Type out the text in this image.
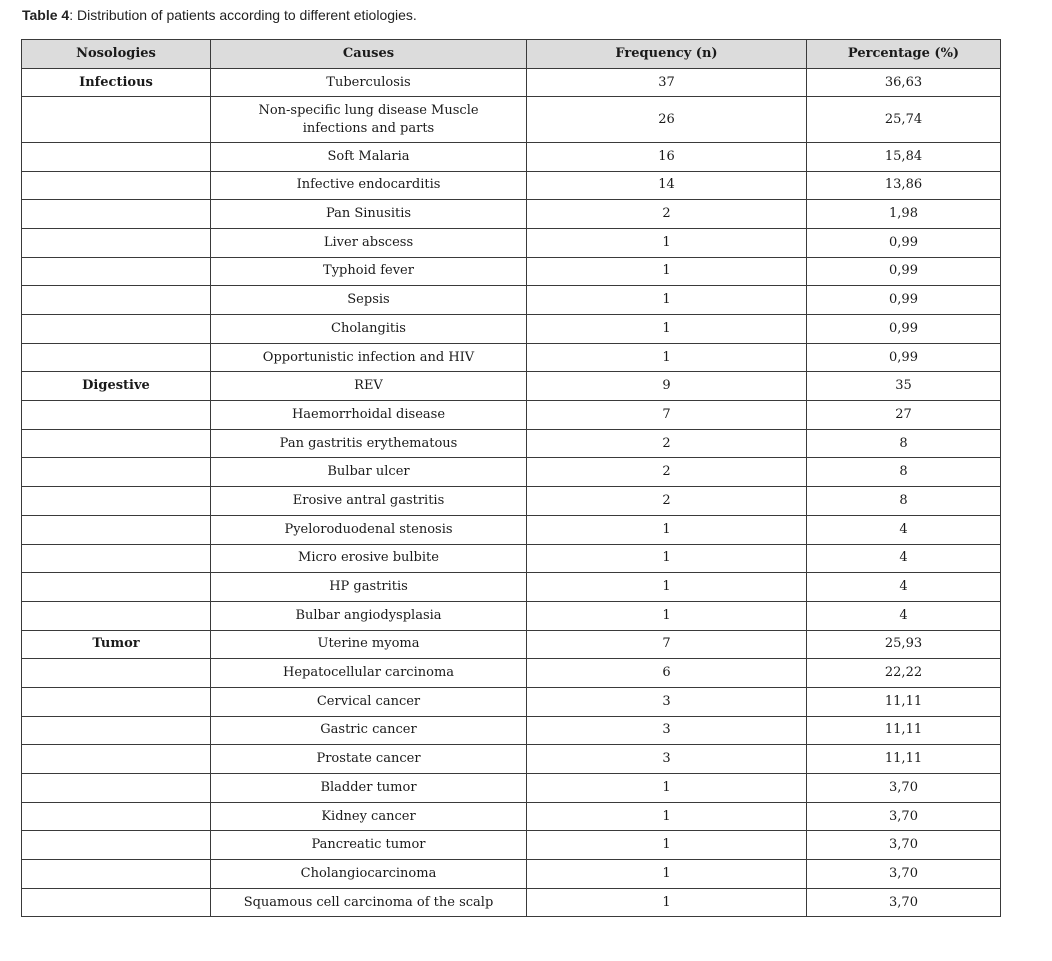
Table 4: Distribution of patients according to different etiologies.
Nosologies	Causes	Frequency (n)	Percentage (%)
Infectious	Tuberculosis	37	36,63
	Non-specific lung disease Muscle infections and parts	26	25,74
	Soft Malaria	16	15,84
	Infective endocarditis	14	13,86
	Pan Sinusitis	2	1,98
	Liver abscess	1	0,99
	Typhoid fever	1	0,99
	Sepsis	1	0,99
	Cholangitis	1	0,99
	Opportunistic infection and HIV	1	0,99
Digestive	REV	9	35
	Haemorrhoidal disease	7	27
	Pan gastritis erythematous	2	8
	Bulbar ulcer	2	8
	Erosive antral gastritis	2	8
	Pyeloroduodenal stenosis	1	4
	Micro erosive bulbite	1	4
	HP gastritis	1	4
	Bulbar angiodysplasia	1	4
Tumor	Uterine myoma	7	25,93
	Hepatocellular carcinoma	6	22,22
	Cervical cancer	3	11,11
	Gastric cancer	3	11,11
	Prostate cancer	3	11,11
	Bladder tumor	1	3,70
	Kidney cancer	1	3,70
	Pancreatic tumor	1	3,70
	Cholangiocarcinoma	1	3,70
	Squamous cell carcinoma of the scalp	1	3,70
